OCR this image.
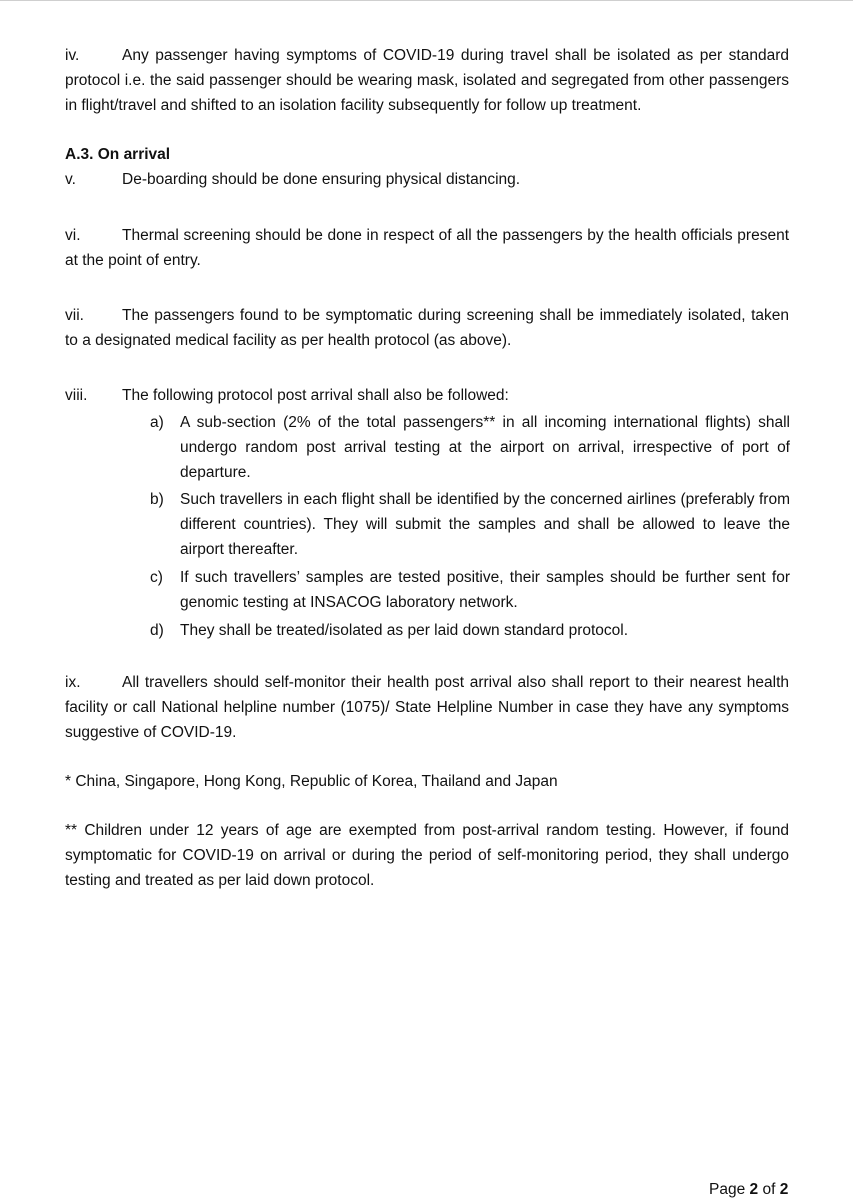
iv.	Any passenger having symptoms of COVID-19 during travel shall be isolated as per standard protocol i.e. the said passenger should be wearing mask, isolated and segregated from other passengers in flight/travel and shifted to an isolation facility subsequently for follow up treatment.

A.3. On arrival

v.	De-boarding should be done ensuring physical distancing.

vi.	Thermal screening should be done in respect of all the passengers by the health officials present at the point of entry.

vii. The passengers found to be symptomatic during screening shall be immediately isolated, taken to a designated medical facility as per health protocol (as above).

viii. The following protocol post arrival shall also be followed:

a)	A sub-section (2% of the total passengers** in all incoming international flights) shall undergo random post arrival testing at the airport on arrival, irrespective of port of departure.
b)	Such travellers in each flight shall be identified by the concerned airlines (preferably from different countries). They will submit the samples and shall be allowed to leave the airport thereafter.
c)	If such travellers’ samples are tested positive, their samples should be further sent for genomic testing at INSACOG laboratory network.
d)	They shall be treated/isolated as per laid down standard protocol.

ix.	All travellers should self-monitor their health post arrival also shall report to their nearest health facility or call National helpline number (1075)/ State Helpline Number in case they have any symptoms suggestive of COVID-19.

* China, Singapore, Hong Kong, Republic of Korea, Thailand and Japan

** Children under 12 years of age are exempted from post-arrival random testing. However, if found symptomatic for COVID-19 on arrival or during the period of self-monitoring period, they shall undergo testing and treated as per laid down protocol.

Page 2 of 2
